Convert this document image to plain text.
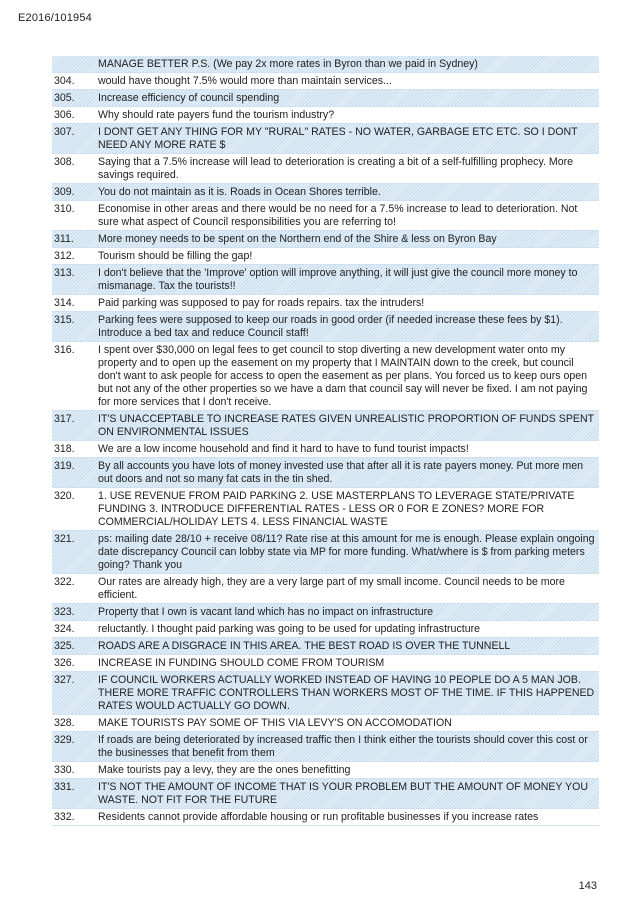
E2016/101954
MANAGE BETTER P.S. (We pay 2x more rates in Byron than we paid in Sydney)
304.	would have thought 7.5% would more than maintain services...
305.	Increase efficiency of council spending
306.	Why should rate payers fund the tourism industry?
307.	I DONT GET ANY THING FOR MY "RURAL" RATES - NO WATER, GARBAGE ETC ETC. SO I DONT NEED ANY MORE RATE $
308.	Saying that a 7.5% increase will lead to deterioration is creating a bit of a self-fulfilling prophecy. More savings required.
309.	You do not maintain as it is. Roads in Ocean Shores terrible.
310.	Economise in other areas and there would be no need for a 7.5% increase to lead to deterioration. Not sure what aspect of Council responsibilities you are referring to!
311.	More money needs to be spent on the Northern end of the Shire & less on Byron Bay
312.	Tourism should be filling the gap!
313.	I don't believe that the 'Improve' option will improve anything, it will just give the council more money to mismanage. Tax the tourists!!
314.	Paid parking was supposed to pay for roads repairs. tax the intruders!
315.	Parking fees were supposed to keep our roads in good order (if needed increase these fees by $1). Introduce a bed tax and reduce Council staff!
316.	I spent over $30,000 on legal fees to get council to stop diverting a new development water onto my property and to open up the easement on my property that I MAINTAIN down to the creek, but council don't want to ask people for access to open the easement as per plans. You forced us to keep ours open but not any of the other properties so we have a dam that council say will never be fixed. I am not paying for more services that I don't receive.
317.	IT'S UNACCEPTABLE TO INCREASE RATES GIVEN UNREALISTIC PROPORTION OF FUNDS SPENT ON ENVIRONMENTAL ISSUES
318.	We are a low income household and find it hard to have to fund tourist impacts!
319.	By all accounts you have lots of money invested use that after all it is rate payers money. Put more men out doors and not so many fat cats in the tin shed.
320.	1. USE REVENUE FROM PAID PARKING 2. USE MASTERPLANS TO LEVERAGE STATE/PRIVATE FUNDING 3. INTRODUCE DIFFERENTIAL RATES - LESS OR 0 FOR E ZONES? MORE FOR COMMERCIAL/HOLIDAY LETS 4. LESS FINANCIAL WASTE
321.	ps: mailing date 28/10 + receive 08/11? Rate rise at this amount for me is enough. Please explain ongoing date discrepancy Council can lobby state via MP for more funding. What/where is $ from parking meters going? Thank you
322.	Our rates are already high, they are a very large part of my small income. Council needs to be more efficient.
323.	Property that I own is vacant land which has no impact on infrastructure
324.	reluctantly. I thought paid parking was going to be used for updating infrastructure
325.	ROADS ARE A DISGRACE IN THIS AREA. THE BEST ROAD IS OVER THE TUNNELL
326.	INCREASE IN FUNDING SHOULD COME FROM TOURISM
327.	IF COUNCIL WORKERS ACTUALLY WORKED INSTEAD OF HAVING 10 PEOPLE DO A 5 MAN JOB. THERE MORE TRAFFIC CONTROLLERS THAN WORKERS MOST OF THE TIME. IF THIS HAPPENED RATES WOULD ACTUALLY GO DOWN.
328.	MAKE TOURISTS PAY SOME OF THIS VIA LEVY'S ON ACCOMODATION
329.	If roads are being deteriorated by increased traffic then I think either the tourists should cover this cost or the businesses that benefit from them
330.	Make tourists pay a levy, they are the ones benefitting
331.	IT'S NOT THE AMOUNT OF INCOME THAT IS YOUR PROBLEM BUT THE AMOUNT OF MONEY YOU WASTE. NOT FIT FOR THE FUTURE
332.	Residents cannot provide affordable housing or run profitable businesses if you increase rates
143
